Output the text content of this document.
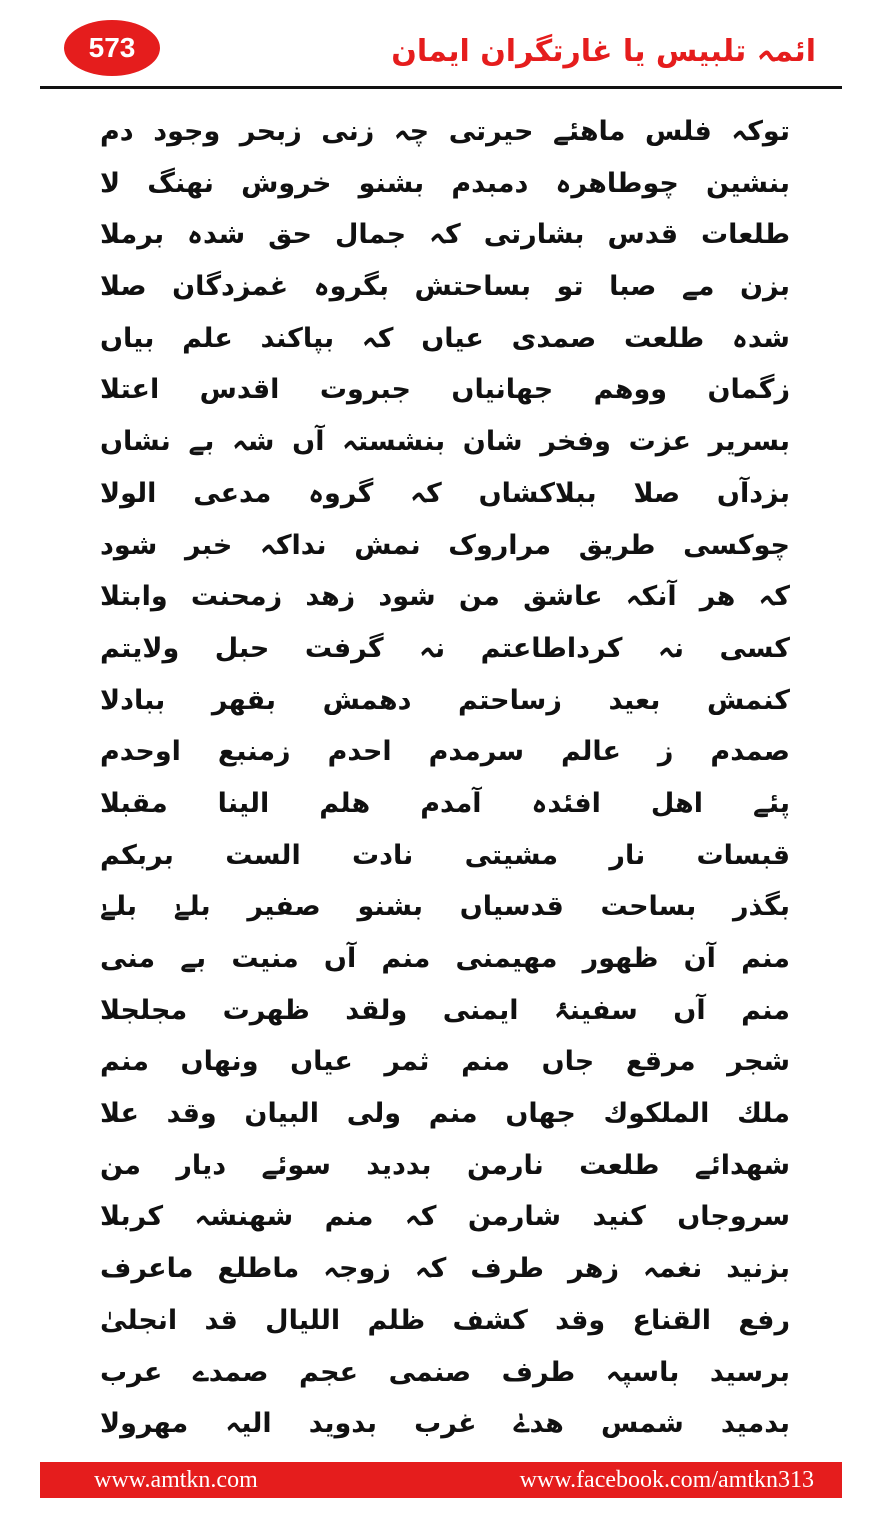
573	ائمہ تلبیس یا غارتگران ایمان
توکہ فلس ماھئے حیرتی چہ زنی زبحر وجود دم
بنشین چوطاھرہ دمبدم بشنو خروش نھنگ لا
طلعات قدس بشارتی کہ جمال حق شدہ برملا
بزن مے صبا تو بساحتش بگروہ غمزدگان صلا
شدہ طلعت صمدی عیاں کہ بپاکند علم بیاں
زگمان ووھم جھانیاں جبروت اقدس اعتلا
بسریر عزت وفخر شان بنشستہ آں شہ بے نشاں
بزدآں صلا ببلاکشاں کہ گروہ مدعی الولا
چوکسی طریق مراروک نمش نداکہ خبر شود
کہ ھر آنکہ عاشق من شود زھد زمحنت وابتلا
کسی نہ کرداطاعتم نہ گرفت حبل ولایتم
کنمش بعید زساحتم دھمش بقھر ببادلا
صمدم ز عالم سرمدم احدم زمنبع اوحدم
پئے اھل افئدہ آمدم ھلم الینا مقبلا
قبسات نار مشیتی نادت الست بربکم
بگذر بساحت قدسیاں بشنو صفیر بلےٰ بلےٰ
منم آن ظھور مھیمنی منم آں منیت بے منی
منم آں سفینۂ ایمنی ولقد ظھرت مجلجلا
شجر مرقع جاں منم ثمر عیاں ونھاں منم
ملك الملكوك جھاں منم ولی البیان وقد علا
شھدائے طلعت نارمن بددید سوئے دیار من
سروجاں کنید شارمن کہ منم شھنشہ کربلا
بزنید نغمہ زھر طرف کہ زوجہ ماطلع ماعرف
رفع القناع وقد کشف ظلم اللیال قد انجلیٰ
برسید باسپہ طرف صنمی عجم صمدے عرب
بدمید شمس ھدےٰ غرب بدوید الیہ مھرولا
www.amtkn.com	www.facebook.com/amtkn313
